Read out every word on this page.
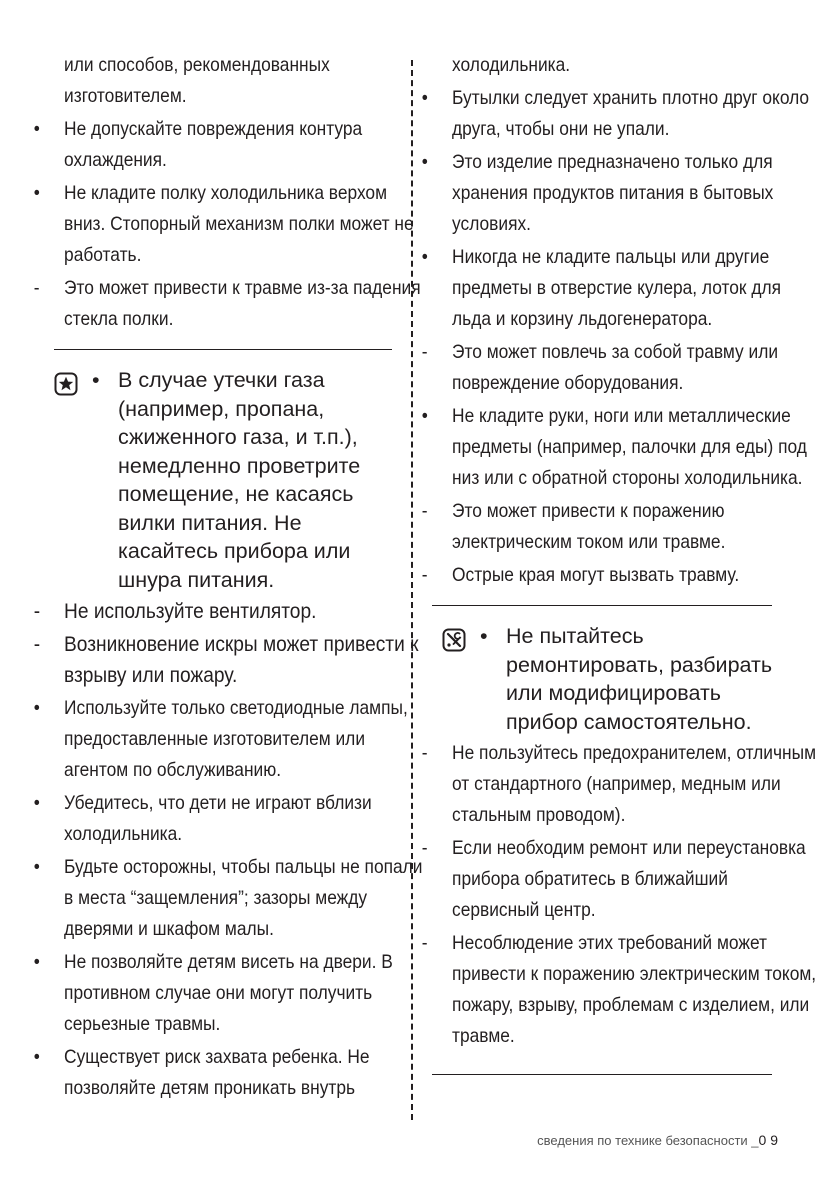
или способов, рекомендованных изготовителем.
•	Не допускайте повреждения контура охлаждения.
•	Не кладите полку холодильника верхом вниз. Стопорный механизм полки может не работать.
-	Это может привести к травме из-за падения стекла полки.
• В случае утечки газа (например, пропана, сжиженного газа, и т.п.), немедленно проветрите помещение, не касаясь вилки питания. Не касайтесь прибора или шнура питания.
-	Не используйте вентилятор.
-	Возникновение искры может привести к взрыву или пожару.
•	Используйте только светодиодные лампы, предоставленные изготовителем или агентом по обслуживанию.
•	Убедитесь, что дети не играют вблизи холодильника.
•	Будьте осторожны, чтобы пальцы не попали в места “защемления”; зазоры между дверями и шкафом малы.
•	Не позволяйте детям висеть на двери. В противном случае они могут получить серьезные травмы.
•	Существует риск захвата ребенка. Не позволяйте детям проникать внутрь
холодильника.
•	Бутылки следует хранить плотно друг около друга, чтобы они не упали.
•	Это изделие предназначено только для хранения продуктов питания в бытовых условиях.
•	Никогда не кладите пальцы или другие предметы в отверстие кулера, лоток для льда и корзину льдогенератора.
-	Это может повлечь за собой травму или повреждение оборудования.
•	Не кладите руки, ноги или металлические предметы (например, палочки для еды) под низ или с обратной стороны холодильника.
-	Это может привести к поражению электрическим током или травме.
-	Острые края могут вызвать травму.
• Не пытайтесь ремонтировать, разбирать или модифицировать прибор самостоятельно.
-	Не пользуйтесь предохранителем, отличным от стандартного (например, медным или стальным проводом).
-	Если необходим ремонт или переустановка прибора обратитесь в ближайший сервисный центр.
-	Несоблюдение этих требований может привести к поражению электрическим током, пожару, взрыву, проблемам с изделием, или травме.
сведения по технике безопасности _0 9
